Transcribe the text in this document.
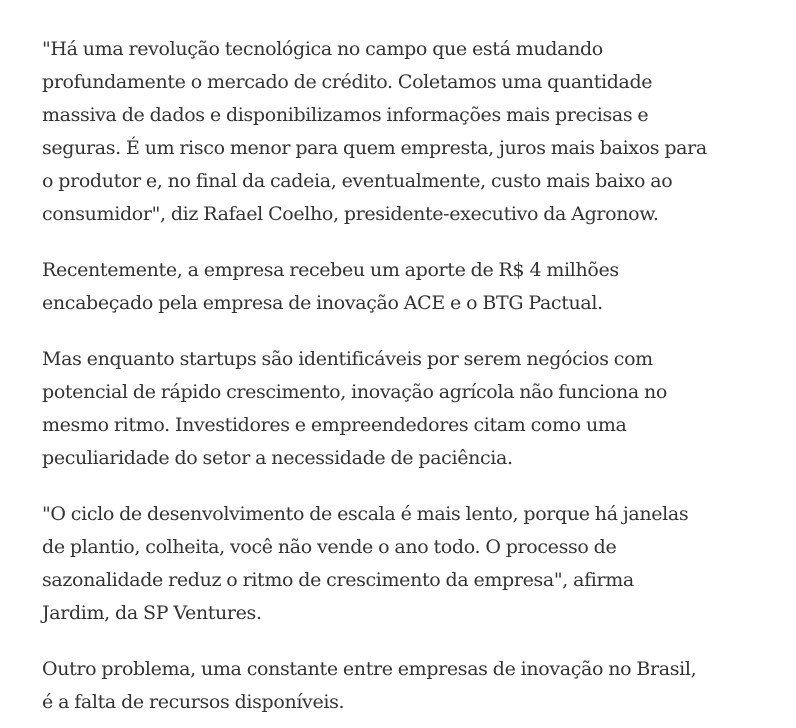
"Há uma revolução tecnológica no campo que está mudando
profundamente o mercado de crédito. Coletamos uma quantidade
massiva de dados e disponibilizamos informações mais precisas e
seguras. É um risco menor para quem empresta, juros mais baixos para
o produtor e, no final da cadeia, eventualmente, custo mais baixo ao
consumidor", diz Rafael Coelho, presidente-executivo da Agronow.

Recentemente, a empresa recebeu um aporte de R$ 4 milhões
encabeçado pela empresa de inovação ACE e o BTG Pactual.

Mas enquanto startups são identificáveis por serem negócios com
potencial de rápido crescimento, inovação agrícola não funciona no
mesmo ritmo. Investidores e empreendedores citam como uma
peculiaridade do setor a necessidade de paciência.

"O ciclo de desenvolvimento de escala é mais lento, porque há janelas
de plantio, colheita, você não vende o ano todo. O processo de
sazonalidade reduz o ritmo de crescimento da empresa", afirma
Jardim, da SP Ventures.

Outro problema, uma constante entre empresas de inovação no Brasil,
é a falta de recursos disponíveis.
